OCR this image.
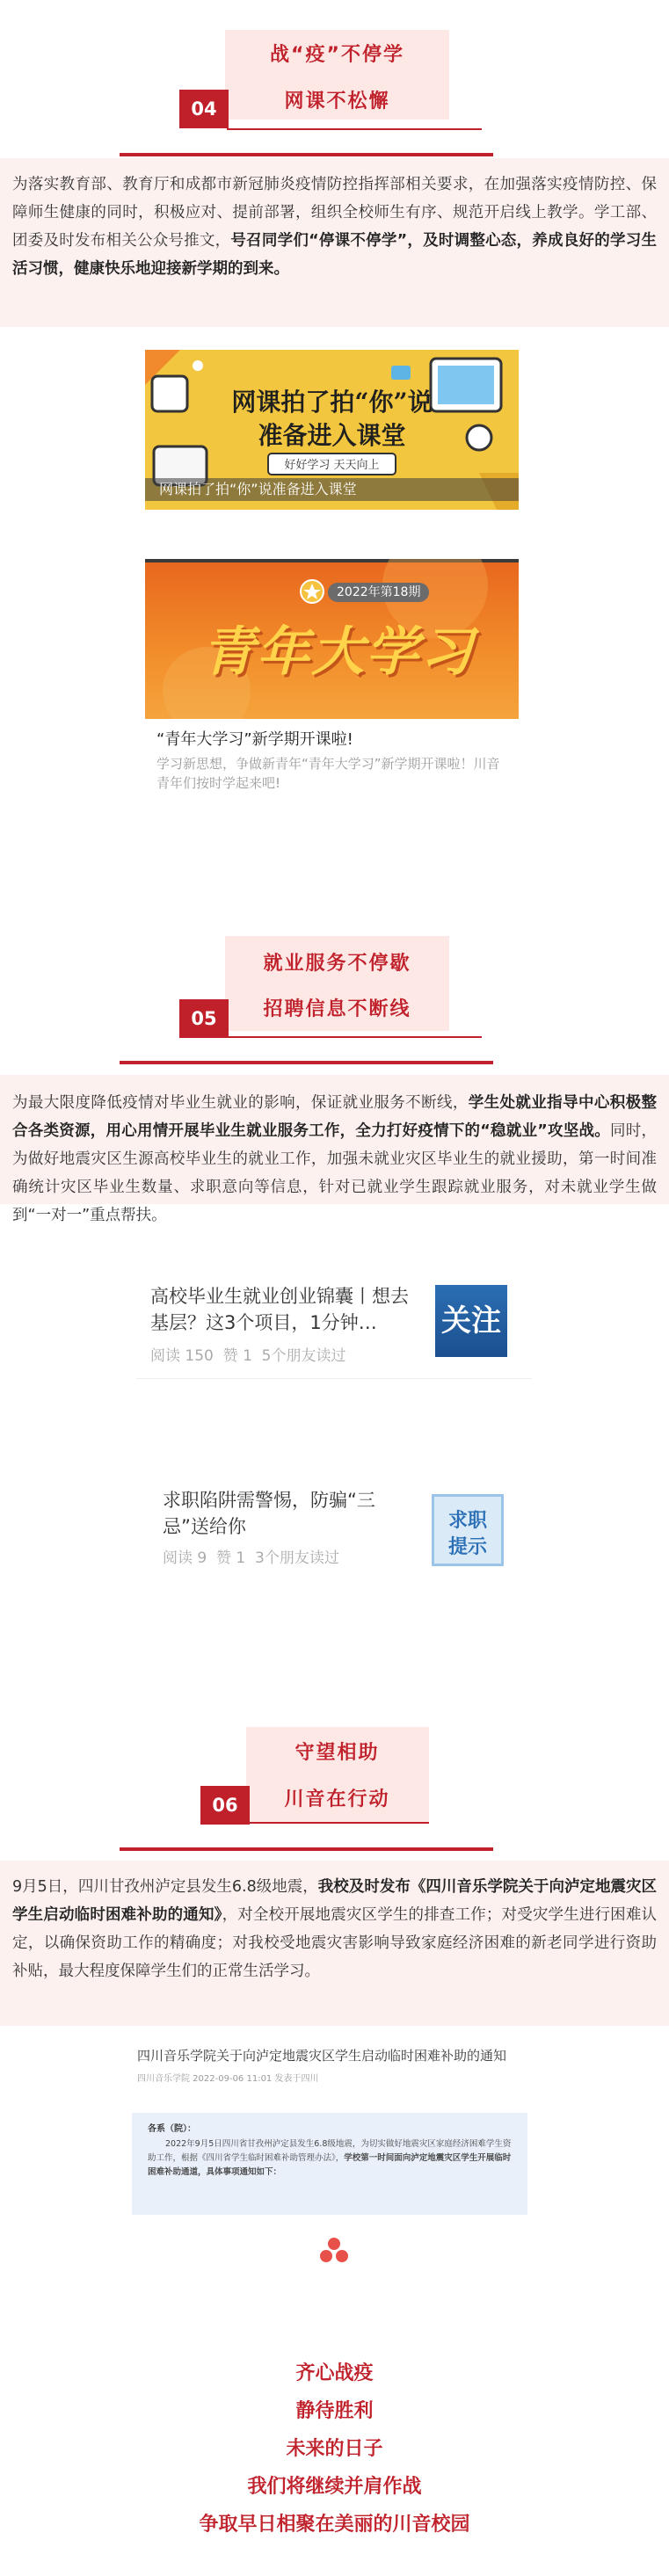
战“疫”不停学
网课不松懈
04
为落实教育部、教育厅和成都市新冠肺炎疫情防控指挥部相关要求，在加强落实疫情防控、保障师生健康的同时，积极应对、提前部署，组织全校师生有序、规范开启线上教学。学工部、团委及时发布相关公众号推文，号召同学们“停课不停学”，及时调整心态，养成良好的学习生活习惯，健康快乐地迎接新学期的到来。
网课拍了拍“你”说
准备进入课堂
好好学习 天天向上
网课拍了拍“你”说准备进入课堂
2022年第18期
青年大学习
“青年大学习”新学期开课啦!
学习新思想，争做新青年“青年大学习”新学期开课啦！川音青年们按时学起来吧!
就业服务不停歇
招聘信息不断线
05
为最大限度降低疫情对毕业生就业的影响，保证就业服务不断线，学生处就业指导中心积极整合各类资源，用心用情开展毕业生就业服务工作，全力打好疫情下的“稳就业”攻坚战。同时，为做好地震灾区生源高校毕业生的就业工作，加强未就业灾区毕业生的就业援助，第一时间准确统计灾区毕业生数量、求职意向等信息，针对已就业学生跟踪就业服务，对未就业学生做到“一对一”重点帮扶。
高校毕业生就业创业锦囊丨想去基层？这3个项目，1分钟…
阅读 150  赞 1  5个朋友读过
关注
求职陷阱需警惕，防骗“三忌”送给你
阅读 9  赞 1  3个朋友读过
求职
提示
守望相助
川音在行动
06
9月5日，四川甘孜州泸定县发生6.8级地震，我校及时发布《四川音乐学院关于向泸定地震灾区学生启动临时困难补助的通知》，对全校开展地震灾区学生的排查工作；对受灾学生进行困难认定，以确保资助工作的精确度；对我校受地震灾害影响导致家庭经济困难的新老同学进行资助补贴，最大程度保障学生们的正常生活学习。
四川音乐学院关于向泸定地震灾区学生启动临时困难补助的通知
四川音乐学院 2022-09-06 11:01 发表于四川
各系（院）：
2022年9月5日四川省甘孜州泸定县发生6.8级地震，为切实做好地震灾区家庭经济困难学生资助工作，根据《四川省学生临时困难补助管理办法》，学校第一时间面向泸定地震灾区学生开展临时困难补助通道，具体事项通知如下：
齐心战疫
静待胜利
未来的日子
我们将继续并肩作战
争取早日相聚在美丽的川音校园
